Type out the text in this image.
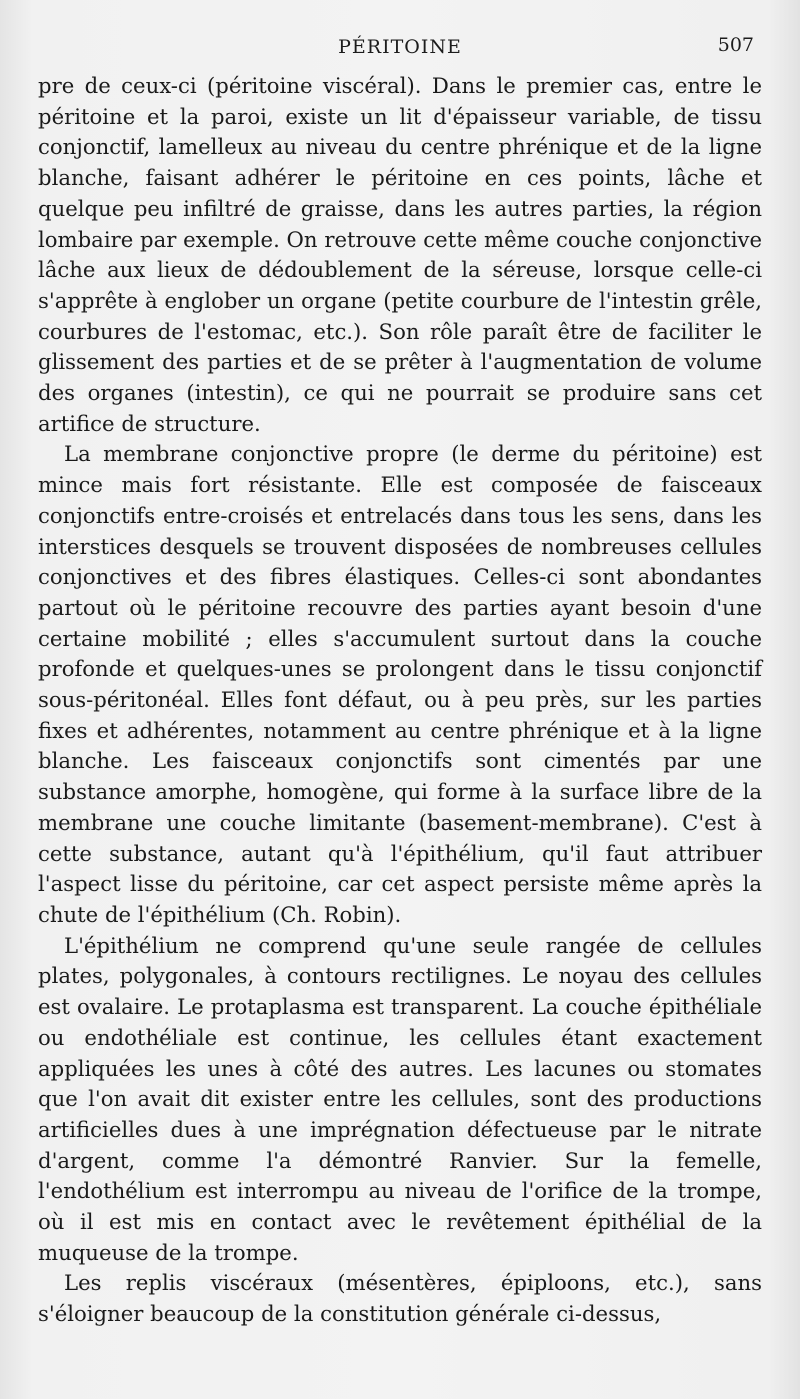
PÉRITOINE	507

pre de ceux-ci (péritoine viscéral). Dans le premier cas, entre le péritoine et la paroi, existe un lit d'épaisseur variable, de tissu conjonctif, lamelleux au niveau du centre phrénique et de la ligne blanche, faisant adhérer le péritoine en ces points, lâche et quelque peu infiltré de graisse, dans les autres parties, la région lombaire par exemple. On retrouve cette même couche conjonctive lâche aux lieux de dédoublement de la séreuse, lorsque celle-ci s'apprête à englober un organe (petite courbure de l'intestin grêle, courbures de l'estomac, etc.). Son rôle paraît être de faciliter le glissement des parties et de se prêter à l'augmentation de volume des organes (intestin), ce qui ne pourrait se produire sans cet artifice de structure.

La membrane conjonctive propre (le derme du péritoine) est mince mais fort résistante. Elle est composée de faisceaux conjonctifs entre-croisés et entrelacés dans tous les sens, dans les interstices desquels se trouvent disposées de nombreuses cellules conjonctives et des fibres élastiques. Celles-ci sont abondantes partout où le péritoine recouvre des parties ayant besoin d'une certaine mobilité ; elles s'accumulent surtout dans la couche profonde et quelques-unes se prolongent dans le tissu conjonctif sous-péritonéal. Elles font défaut, ou à peu près, sur les parties fixes et adhérentes, notamment au centre phrénique et à la ligne blanche. Les faisceaux conjonctifs sont cimentés par une substance amorphe, homogène, qui forme à la surface libre de la membrane une couche limitante (basement-membrane). C'est à cette substance, autant qu'à l'épithélium, qu'il faut attribuer l'aspect lisse du péritoine, car cet aspect persiste même après la chute de l'épithélium (Ch. Robin).

L'épithélium ne comprend qu'une seule rangée de cellules plates, polygonales, à contours rectilignes. Le noyau des cellules est ovalaire. Le protaplasma est transparent. La couche épithéliale ou endothéliale est continue, les cellules étant exactement appliquées les unes à côté des autres. Les lacunes ou stomates que l'on avait dit exister entre les cellules, sont des productions artificielles dues à une imprégnation défectueuse par le nitrate d'argent, comme l'a démontré Ranvier. Sur la femelle, l'endothélium est interrompu au niveau de l'orifice de la trompe, où il est mis en contact avec le revêtement épithélial de la muqueuse de la trompe.

Les replis viscéraux (mésentères, épiploons, etc.), sans s'éloigner beaucoup de la constitution générale ci-dessus,
